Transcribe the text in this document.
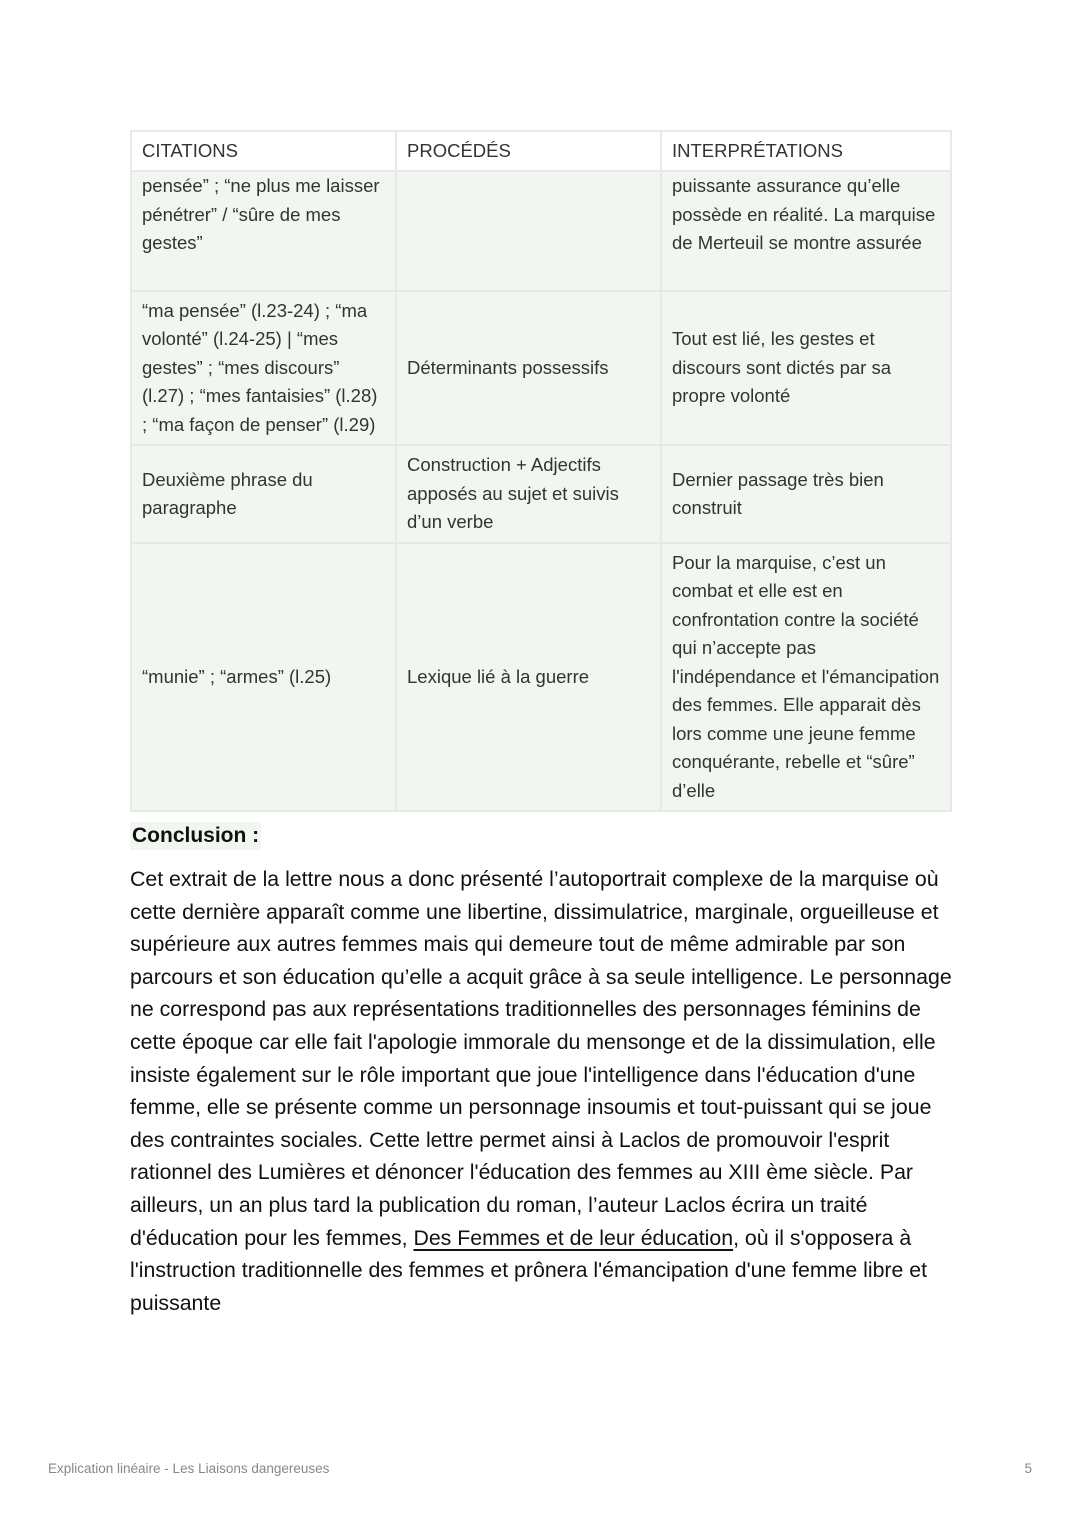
CITATIONS	PROCÉDÉS	INTERPRÉTATIONS
pensée” ; “ne plus me laisser pénétrer” / “sûre de mes gestes”		puissante assurance qu’elle possède en réalité. La marquise de Merteuil se montre assurée
“ma pensée” (l.23-24) ; “ma volonté” (l.24-25) | “mes gestes” ; “mes discours” (l.27) ; “mes fantaisies” (l.28) ; “ma façon de penser” (l.29)	Déterminants possessifs	Tout est lié, les gestes et discours sont dictés par sa propre volonté
Deuxième phrase du paragraphe	Construction + Adjectifs apposés au sujet et suivis d’un verbe	Dernier passage très bien construit
“munie” ; “armes” (l.25)	Lexique lié à la guerre	Pour la marquise, c’est un combat et elle est en confrontation contre la société qui n’accepte pas l'indépendance et l'émancipation des femmes. Elle apparait dès lors comme une jeune femme conquérante, rebelle et “sûre” d’elle
Conclusion :

Cet extrait de la lettre nous a donc présenté l’autoportrait complexe de la marquise où cette dernière apparaît comme une libertine, dissimulatrice, marginale, orgueilleuse et supérieure aux autres femmes mais qui demeure tout de même admirable par son parcours et son éducation qu’elle a acquit grâce à sa seule intelligence. Le personnage ne correspond pas aux représentations traditionnelles des personnages féminins de cette époque car elle fait l'apologie immorale du mensonge et de la dissimulation, elle insiste également sur le rôle important que joue l'intelligence dans l'éducation d'une femme, elle se présente comme un personnage insoumis et tout-puissant qui se joue des contraintes sociales. Cette lettre permet ainsi à Laclos de promouvoir l'esprit rationnel des Lumières et dénoncer l'éducation des femmes au XIII ème siècle. Par ailleurs, un an plus tard la publication du roman, l’auteur Laclos écrira un traité d'éducation pour les femmes, Des Femmes et de leur éducation, où il s'opposera à l'instruction traditionnelle des femmes et prônera l'émancipation d'une femme libre et puissante

Explication linéaire - Les Liaisons dangereuses	5
